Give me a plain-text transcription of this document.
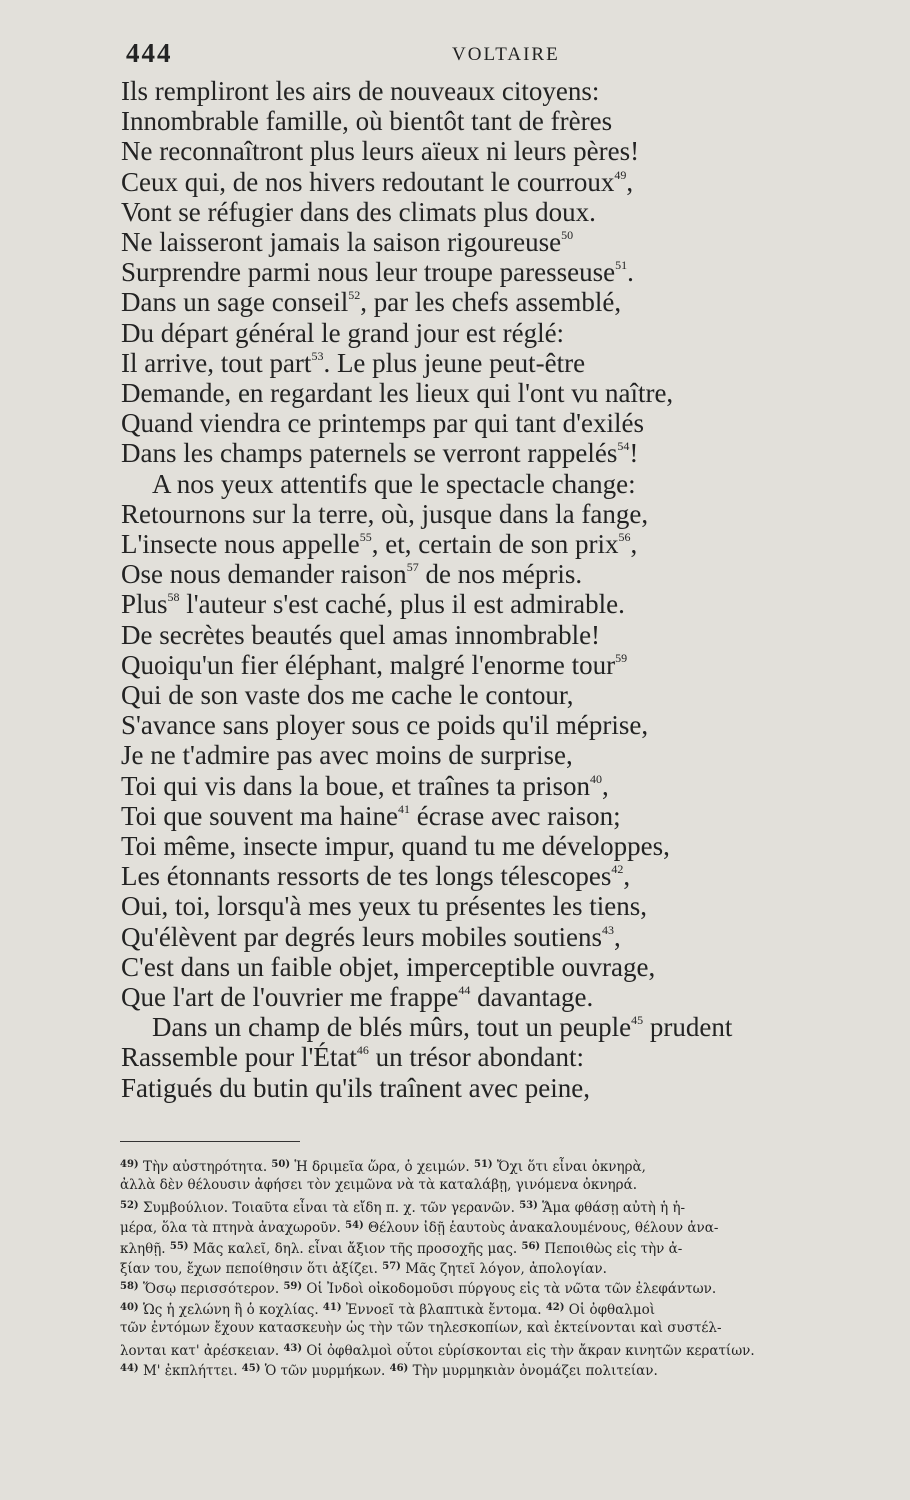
444	VOLTAIRE
Ils rempliront les airs de nouveaux citoyens:
Innombrable famille, où bientôt tant de frères
Ne reconnaîtront plus leurs aïeux ni leurs pères!
Ceux qui, de nos hivers redoutant le courroux$^{49}$,
Vont se réfugier dans des climats plus doux.
Ne laisseront jamais la saison rigoureuse$^{50}$
Surprendre parmi nous leur troupe paresseuse$^{51}$.
Dans un sage conseil$^{52}$, par les chefs assemblé,
Du départ général le grand jour est réglé:
Il arrive, tout part$^{53}$. Le plus jeune peut-être
Demande, en regardant les lieux qui l'ont vu naître,
Quand viendra ce printemps par qui tant d'exilés
Dans les champs paternels se verront rappelés$^{54}$!
A nos yeux attentifs que le spectacle change:
Retournons sur la terre, où, jusque dans la fange,
L'insecte nous appelle$^{55}$, et, certain de son prix$^{56}$,
Ose nous demander raison$^{57}$ de nos mépris.
Plus$^{58}$ l'auteur s'est caché, plus il est admirable.
De secrètes beautés quel amas innombrable!
Quoiqu'un fier éléphant, malgré l'enorme tour$^{59}$
Qui de son vaste dos me cache le contour,
S'avance sans ployer sous ce poids qu'il méprise,
Je ne t'admire pas avec moins de surprise,
Toi qui vis dans la boue, et traînes ta prison$^{40}$,
Toi que souvent ma haine$^{41}$ écrase avec raison;
Toi même, insecte impur, quand tu me développes,
Les étonnants ressorts de tes longs télescopes$^{42}$,
Oui, toi, lorsqu'à mes yeux tu présentes les tiens,
Qu'élèvent par degrés leurs mobiles soutiens$^{43}$,
C'est dans un faible objet, imperceptible ouvrage,
Que l'art de l'ouvrier me frappe$^{44}$ davantage.
Dans un champ de blés mûrs, tout un peuple$^{45}$ prudent
Rassemble pour l'État$^{46}$ un trésor abondant:
Fatigués du butin qu'ils traînent avec peine,
$^{49)}$ Τὴν αὐστηρότητα. $^{50)}$ Ἡ δριμεῖα ὥρα, ὁ χειμών. $^{51)}$ Ὄχι ὅτι εἶναι ὀκνηρὰ,
ἀλλὰ δὲν θέλουσιν ἀφήσει τὸν χειμῶνα νὰ τὰ καταλάβῃ, γινόμενα ὀκνηρά.
$^{52)}$ Συμβούλιον. Τοιαῦτα εἶναι τὰ εἴδη π. χ. τῶν γερανῶν. $^{53)}$ Ἅμα φθάσῃ αὐτὴ ἡ ἡ-
μέρα, ὅλα τὰ πτηνὰ ἀναχωροῦν. $^{54)}$ Θέλουν ἰδῇ ἑαυτοὺς ἀνακαλουμένους, θέλουν ἀνα-
κληθῇ. $^{55)}$ Μᾶς καλεῖ, δηλ. εἶναι ἄξιον τῆς προσοχῆς μας. $^{56)}$ Πεποιθὼς εἰς τὴν ἀ-
ξίαν του, ἔχων πεποίθησιν ὅτι ἀξίζει. $^{57)}$ Μᾶς ζητεῖ λόγον, ἀπολογίαν.
$^{58)}$ Ὅσῳ περισσότερον. $^{59)}$ Οἱ Ἰνδοὶ οἰκοδομοῦσι πύργους εἰς τὰ νῶτα τῶν ἐλεφάντων.
$^{40)}$ Ὡς ἡ χελώνη ἢ ὁ κοχλίας. $^{41)}$ Ἐννοεῖ τὰ βλαπτικὰ ἔντομα. $^{42)}$ Οἱ ὀφθαλμοὶ
τῶν ἐντόμων ἔχουν κατασκευὴν ὡς τὴν τῶν τηλεσκοπίων, καὶ ἐκτείνονται καὶ συστέλ-
λονται κατ' ἀρέσκειαν. $^{43)}$ Οἱ ὀφθαλμοὶ οὗτοι εὑρίσκονται εἰς τὴν ἄκραν κινητῶν κερατίων.
$^{44)}$ Μ' ἐκπλήττει. $^{45)}$ Ὁ τῶν μυρμήκων. $^{46)}$ Τὴν μυρμηκιὰν ὀνομάζει πολιτείαν.
